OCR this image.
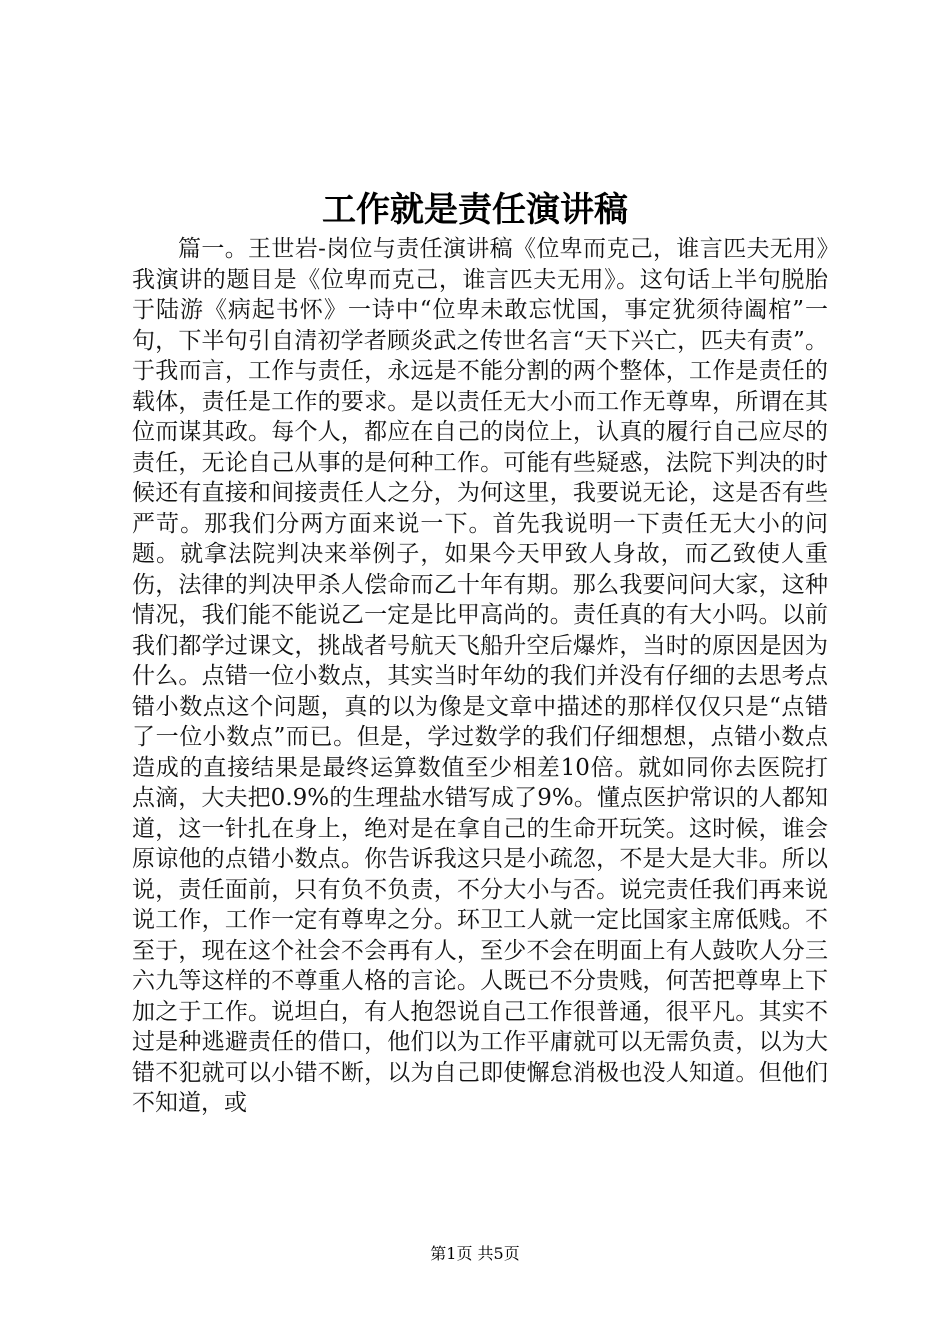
工作就是责任演讲稿

篇一。王世岩-岗位与责任演讲稿《位卑而克己，谁言匹夫无用》我演讲的题目是《位卑而克己，谁言匹夫无用》。这句话上半句脱胎于陆游《病起书怀》一诗中“位卑未敢忘忧国，事定犹须待阖棺”一句，下半句引自清初学者顾炎武之传世名言“天下兴亡，匹夫有责”。于我而言，工作与责任，永远是不能分割的两个整体，工作是责任的载体，责任是工作的要求。是以责任无大小而工作无尊卑，所谓在其位而谋其政。每个人，都应在自己的岗位上，认真的履行自己应尽的责任，无论自己从事的是何种工作。可能有些疑惑，法院下判决的时候还有直接和间接责任人之分，为何这里，我要说无论，这是否有些严苛。那我们分两方面来说一下。首先我说明一下责任无大小的问题。就拿法院判决来举例子，如果今天甲致人身故，而乙致使人重伤，法律的判决甲杀人偿命而乙十年有期。那么我要问问大家，这种情况，我们能不能说乙一定是比甲高尚的。责任真的有大小吗。以前我们都学过课文，挑战者号航天飞船升空后爆炸，当时的原因是因为什么。点错一位小数点，其实当时年幼的我们并没有仔细的去思考点错小数点这个问题，真的以为像是文章中描述的那样仅仅只是“点错了一位小数点”而已。但是，学过数学的我们仔细想想，点错小数点造成的直接结果是最终运算数值至少相差10倍。就如同你去医院打点滴，大夫把0.9%的生理盐水错写成了9%。懂点医护常识的人都知道，这一针扎在身上，绝对是在拿自己的生命开玩笑。这时候，谁会原谅他的点错小数点。你告诉我这只是小疏忽，不是大是大非。所以说，责任面前，只有负不负责，不分大小与否。说完责任我们再来说说工作，工作一定有尊卑之分。环卫工人就一定比国家主席低贱。不至于，现在这个社会不会再有人，至少不会在明面上有人鼓吹人分三六九等这样的不尊重人格的言论。人既已不分贵贱，何苦把尊卑上下加之于工作。说坦白，有人抱怨说自己工作很普通，很平凡。其实不过是种逃避责任的借口，他们以为工作平庸就可以无需负责，以为大错不犯就可以小错不断，以为自己即使懈怠消极也没人知道。但他们不知道，或

第1页 共5页
